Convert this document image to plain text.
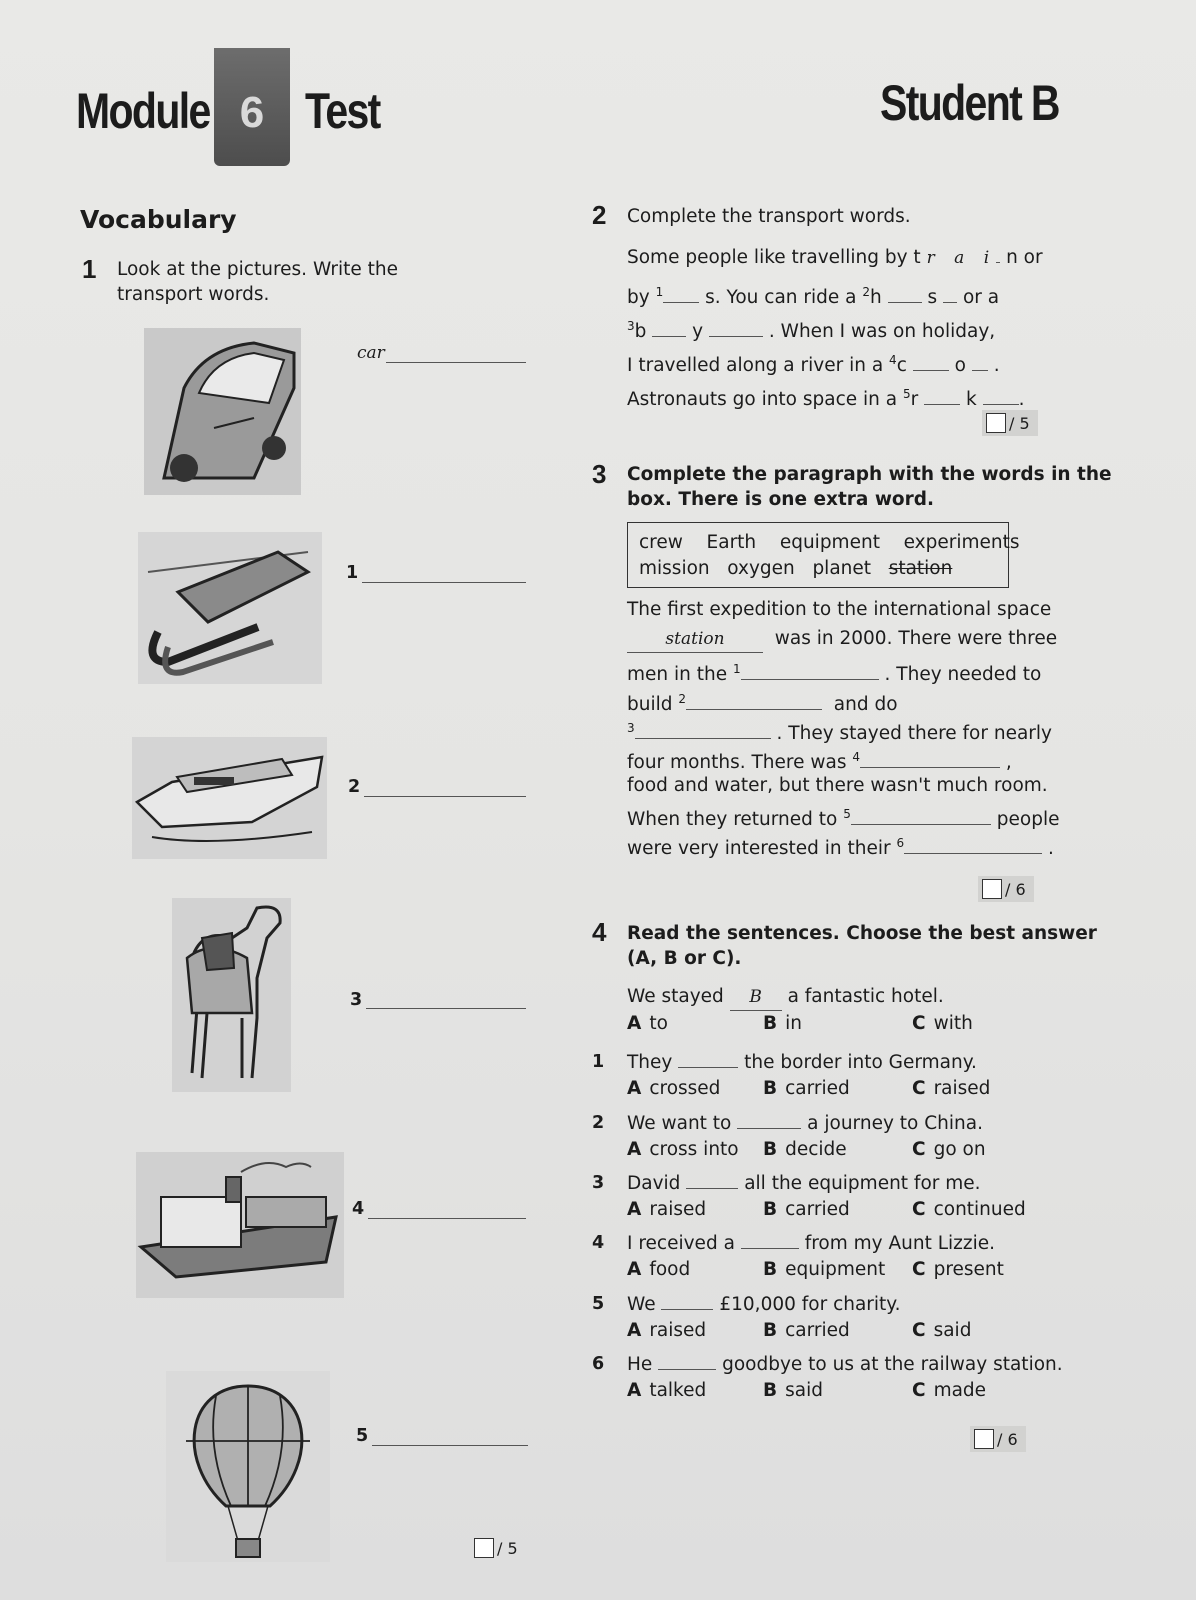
Module 6 Test	Student B
Vocabulary
1 Look at the pictures. Write the
transport words.
car
1
2
3
4
5
/ 5
2 Complete the transport words.
Some people like travelling by t r a i n or
by $^1$ s. You can ride a $^2$h s or a
$^3$b y	. When I was on holiday,
I travelled along a river in a $^4$c	o .
Astronauts go into space in a $^5$r	k .
/ 5
3 Complete the paragraph with the words in the
box. There is one extra word.
crew Earth equipment experiments
mission oxygen planet station
The first expedition to the international space
station	was in 2000. There were three
men in the $^1$	. They needed to
build $^2$	and do
$^3$	. They stayed there for nearly
four months. There was $^4$	,
food and water, but there wasn't much room.
When they returned to $^5$	people
were very interested in their $^6$	.
/ 6
4 Read the sentences. Choose the best answer
(A, B or C).
We stayed B a fantastic hotel.
A to	B in	C with
1 They	the border into Germany.
A crossed B carried	C raised
2 We want to	a journey to China.
A cross into B decide	C go on
3 David	all the equipment for me.
A raised	B carried	C continued
4 I received a	from my Aunt Lizzie.
A food	B equipment C present
5 We	£10,000 for charity.
A raised	B carried	C said
6 He	goodbye to us at the railway station.
A talked	B said	C made
/ 6
